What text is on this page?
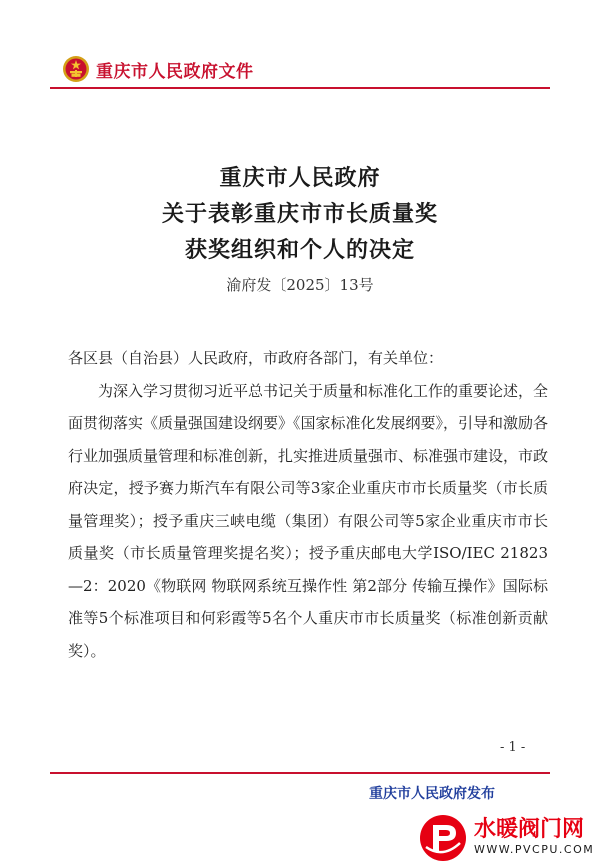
重庆市人民政府文件
重庆市人民政府
关于表彰重庆市市长质量奖
获奖组织和个人的决定
渝府发〔2025〕13号

各区县（自治县）人民政府，市政府各部门，有关单位：

为深入学习贯彻习近平总书记关于质量和标准化工作的重要论述，全面贯彻落实《质量强国建设纲要》《国家标准化发展纲要》，引导和激励各行业加强质量管理和标准创新，扎实推进质量强市、标准强市建设，市政府决定，授予赛力斯汽车有限公司等3家企业重庆市市长质量奖（市长质量管理奖）；授予重庆三峡电缆（集团）有限公司等5家企业重庆市市长质量奖（市长质量管理奖提名奖）；授予重庆邮电大学ISO/IEC 21823—2：2020《物联网 物联网系统互操作性 第2部分 传输互操作》国际标准等5个标准项目和何彩霞等5名个人重庆市市长质量奖（标准创新贡献奖）。

- 1 -
重庆市人民政府发布
水暖阀门网
WWW.PVCPU.COM
